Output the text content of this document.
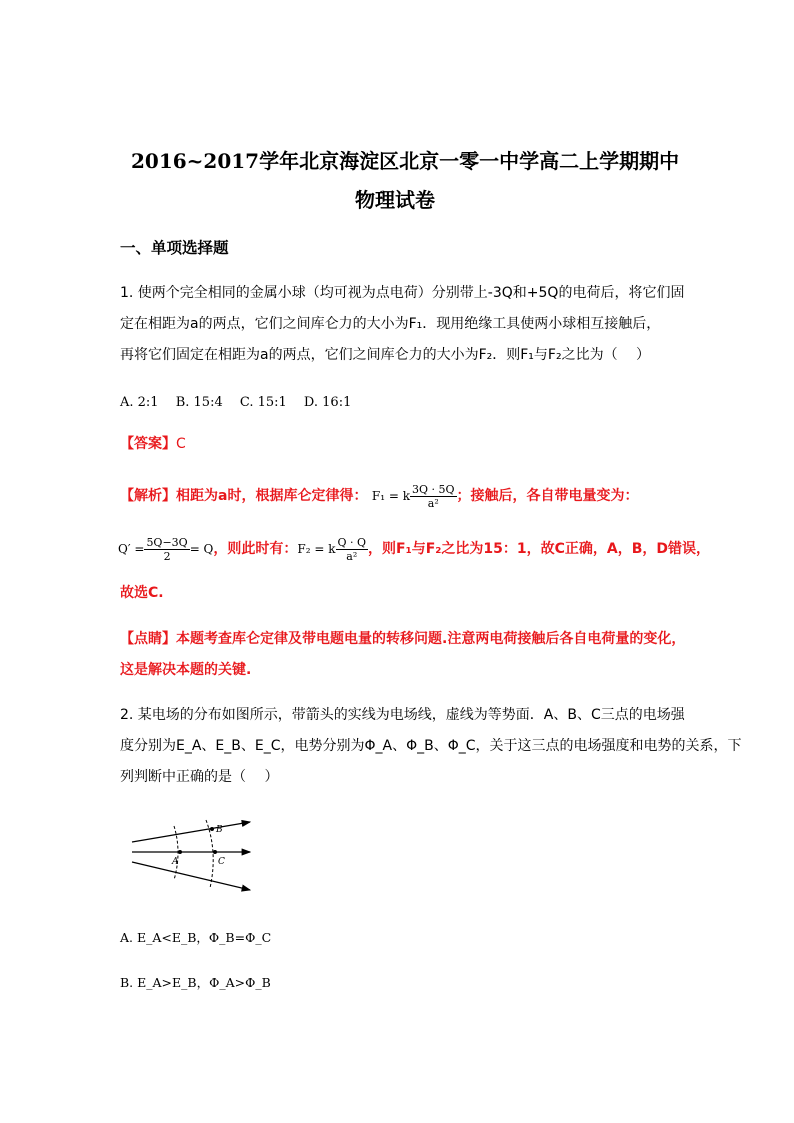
2016~2017学年北京海淀区北京一零一中学高二上学期期中
物理试卷
一、单项选择题
1. 使两个完全相同的金属小球（均可视为点电荷）分别带上-3Q和+5Q的电荷后，将它们固
定在相距为a的两点，它们之间库仑力的大小为F₁．现用绝缘工具使两小球相互接触后，
再将它们固定在相距为a的两点，它们之间库仑力的大小为F₂．则F₁与F₂之比为（　 ）
A. 2:1　 B. 15:4　 C. 15:1　 D. 16:1
【答案】C
【解析】相距为a时，根据库仑定律得： F₁ = k $\frac{3Q \cdot 5Q}{\text{a²}}$ ；接触后，各自带电量变为：
$Q' = \frac{5Q-3Q}{2} = Q$，则此时有：F₂ = k $\frac{Q \cdot Q}{\text{a²}}$ ，则F₁与F₂之比为15：1，故C正确，A，B，D错误，
故选C.
【点睛】本题考查库仑定律及带电题电量的转移问题.注意两电荷接触后各自电荷量的变化，
这是解决本题的关键.
2. 某电场的分布如图所示，带箭头的实线为电场线，虚线为等势面．A、B、C三点的电场强
度分别为E_A、E_B、E_C，电势分别为Φ_A、Φ_B、Φ_C，关于这三点的电场强度和电势的关系，下
列判断中正确的是（　 ）
A
B
C
A. E_A<E_B，Φ_B=Φ_C
B. E_A>E_B，Φ_A>Φ_B
